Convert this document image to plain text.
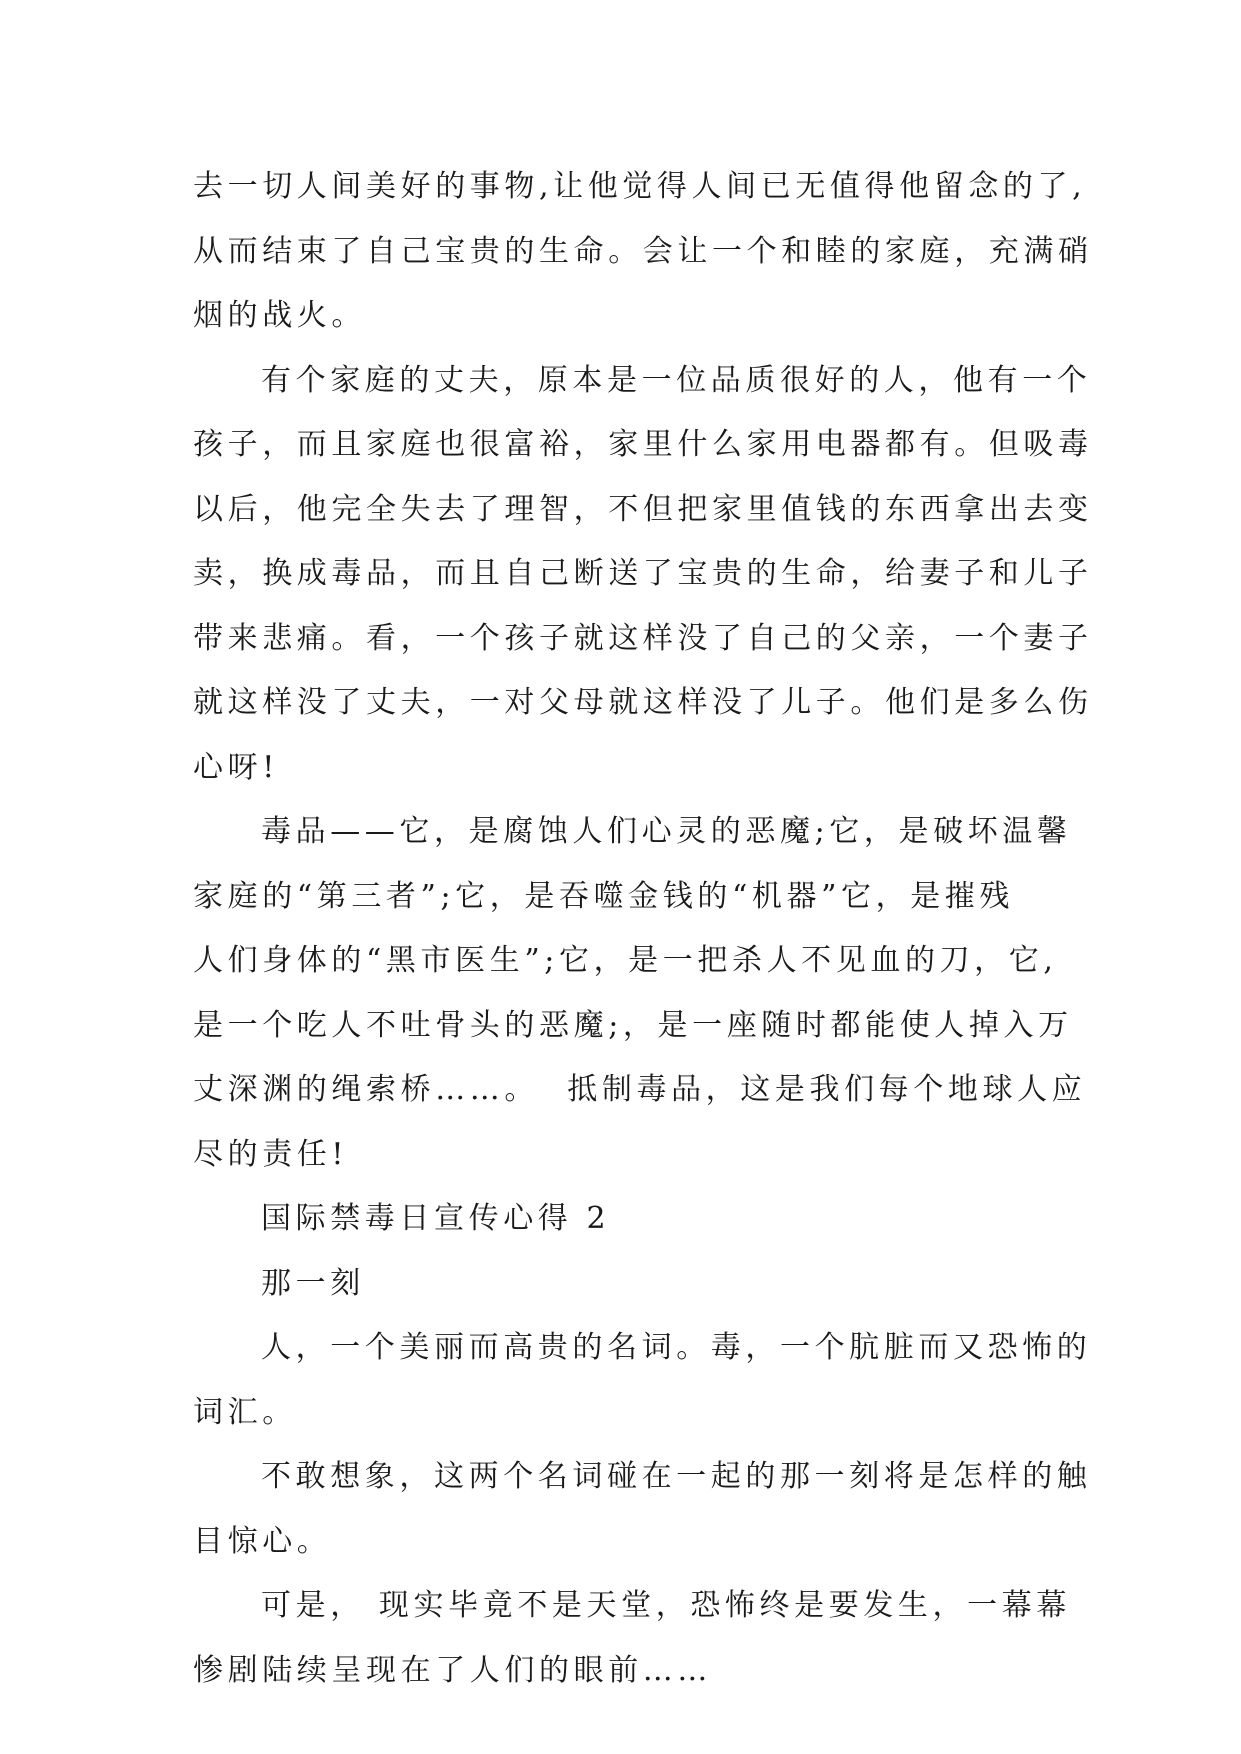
去一切人间美好的事物,让他觉得人间已无值得他留念的了,
从而结束了自己宝贵的生命。会让一个和睦的家庭，充满硝
烟的战火。
有个家庭的丈夫，原本是一位品质很好的人，他有一个
孩子，而且家庭也很富裕，家里什么家用电器都有。但吸毒
以后，他完全失去了理智，不但把家里值钱的东西拿出去变
卖，换成毒品，而且自己断送了宝贵的生命，给妻子和儿子
带来悲痛。看，一个孩子就这样没了自己的父亲，一个妻子
就这样没了丈夫，一对父母就这样没了儿子。他们是多么伤
心呀!
毒品——它，是腐蚀人们心灵的恶魔;它，是破坏温馨
家庭的“第三者”;它，是吞噬金钱的“机器”它，是摧残
人们身体的“黑市医生”;它，是一把杀人不见血的刀，它,
是一个吃人不吐骨头的恶魔;，是一座随时都能使人掉入万
丈深渊的绳索桥……。  抵制毒品，这是我们每个地球人应
尽的责任!
国际禁毒日宣传心得 2
那一刻
人，一个美丽而高贵的名词。毒，一个肮脏而又恐怖的
词汇。
不敢想象，这两个名词碰在一起的那一刻将是怎样的触
目惊心。
可是， 现实毕竟不是天堂，恐怖终是要发生，一幕幕
惨剧陆续呈现在了人们的眼前……
